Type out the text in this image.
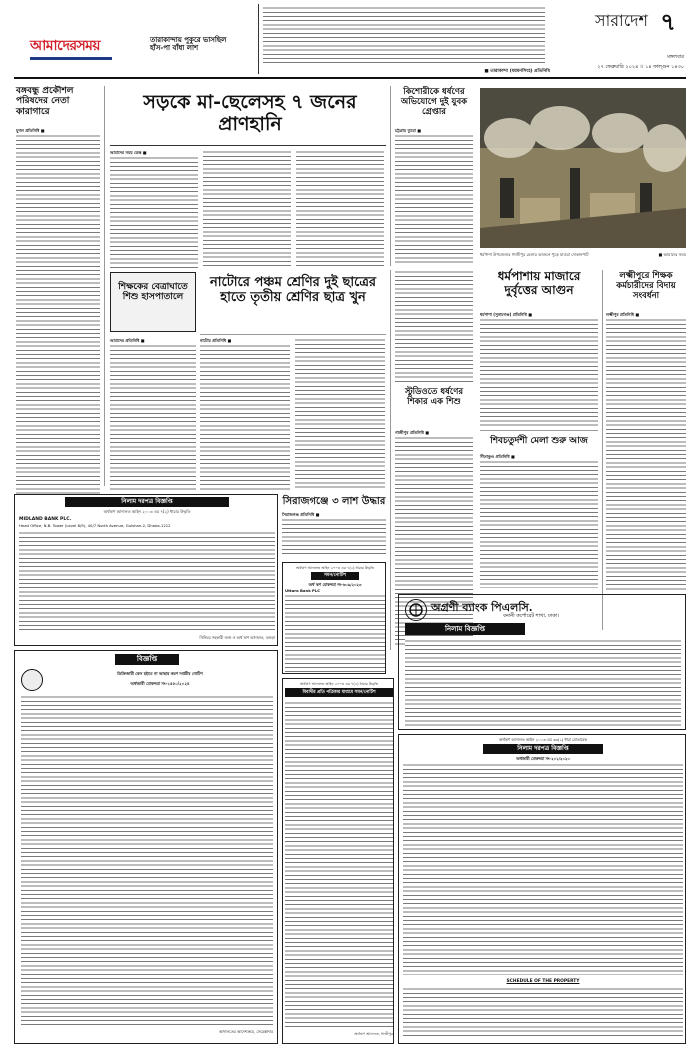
আমাদেরসময়	তারাকান্দায় পুকুরে ভাসছিল হাঁস-পা বাঁধা লাশ
■ তারাকান্দা (ময়মনসিংহ) প্রতিনিধি
সারাদেশ ৭
মঙ্গলবার
২৭ ফেব্রুয়ারি ২০২৪ ।। ১৪ ফাল্গুন ১৪৩০
বঙ্গবন্ধু প্রকৌশল পরিষদের নেতা কারাগারে
যুগল প্রতিনিধি ■
সড়কে মা-ছেলেসহ ৭ জনের প্রাণহানি
আমাদের সময় ডেস্ক ■
কিশোরীকে ধর্ষণের অভিযোগে দুই যুবক গ্রেপ্তার
চট্টগ্রাম ব্যুরো ■
ধর্মপাশা উপজেলার গাজীপুর মেলায় আগুনে পুড়ে যাওয়া দোকানপাট	■ আমাদের সময়
শিক্ষকের বেত্রাঘাতে শিশু হাসপাতালে
আমাদের প্রতিনিধি ■
নাটোরে পঞ্চম শ্রেণির দুই ছাত্রের হাতে তৃতীয় শ্রেণির ছাত্র খুন
নাটোর প্রতিনিধি ■
স্টুডিওতে ধর্ষণের শিকার এক শিশু
গাজীপুর প্রতিনিধি ■
ধর্মপাশায় মাজারে দুর্বৃত্তের আগুন
ধর্মপাশা (সুনামগঞ্জ) প্রতিনিধি ■
লক্ষ্মীপুরে শিক্ষক কর্মচারীদের বিদায় সংবর্ধনা
লক্ষ্মীপুর প্রতিনিধি ■
শিবচতুর্দশী মেলা শুরু আজ
সীতাকুণ্ড প্রতিনিধি ■
সিরাজগঞ্জে ৩ লাশ উদ্ধার
সিরাজগঞ্জ প্রতিনিধি ■
নিলাম দরপত্র বিজ্ঞপ্তি
অর্থঋণ আদালত আইন ২০০৩ এর ৭(২) ধারার উদ্ধৃতি
MIDLAND BANK PLC.
Head Office, N.B. Tower (Level 6/9), 40/7 North Avenue, Gulshan-2, Dhaka-1212
সিনিয়র সহকারী জজ ও অর্থ ঋণ আদালত, বগুড়া
অর্থঋণ আদালত আইন ২০০৩ এর ৭(২) ধারার উদ্ধৃতি
সমন/নোটিশ
অর্থ ঋণ মোকদ্দমা নং-৬০৯/২০২৩
Uttara Bank PLC
অগ্রণী ব্যাংক পিএলসি.
বনানী কর্পোরেট শাখা, ঢাকা।
নিলাম বিজ্ঞপ্তি
বিজ্ঞপ্তি
ডিক্রিজারী কেস হইতে না আছার করণ দপ্তরীর নোটিশ
অর্থজারী মোকদ্দমা নং-১৫৫০/২০২৪
আদালতের আদেশক্রমে, সেরেস্তাদার
অর্থঋণ আদালত আইন ২০০৩ এর ৭(২) ধারার উদ্ধৃতি
বিবাদীর প্রতি পত্রিকার মাধ্যমে সমন/নোটিশ
অর্থঋণ আদালত, গাজীপুর
অর্থঋণ আদালত আইন ২০০৩ এর ৩৩(১) ধারা মোতাবেক
নিলাম দরপত্র বিজ্ঞপ্তি
অর্থজারী মোকদ্দমা নং-২০১/২০২০
SCHEDULE OF THE PROPERTY
